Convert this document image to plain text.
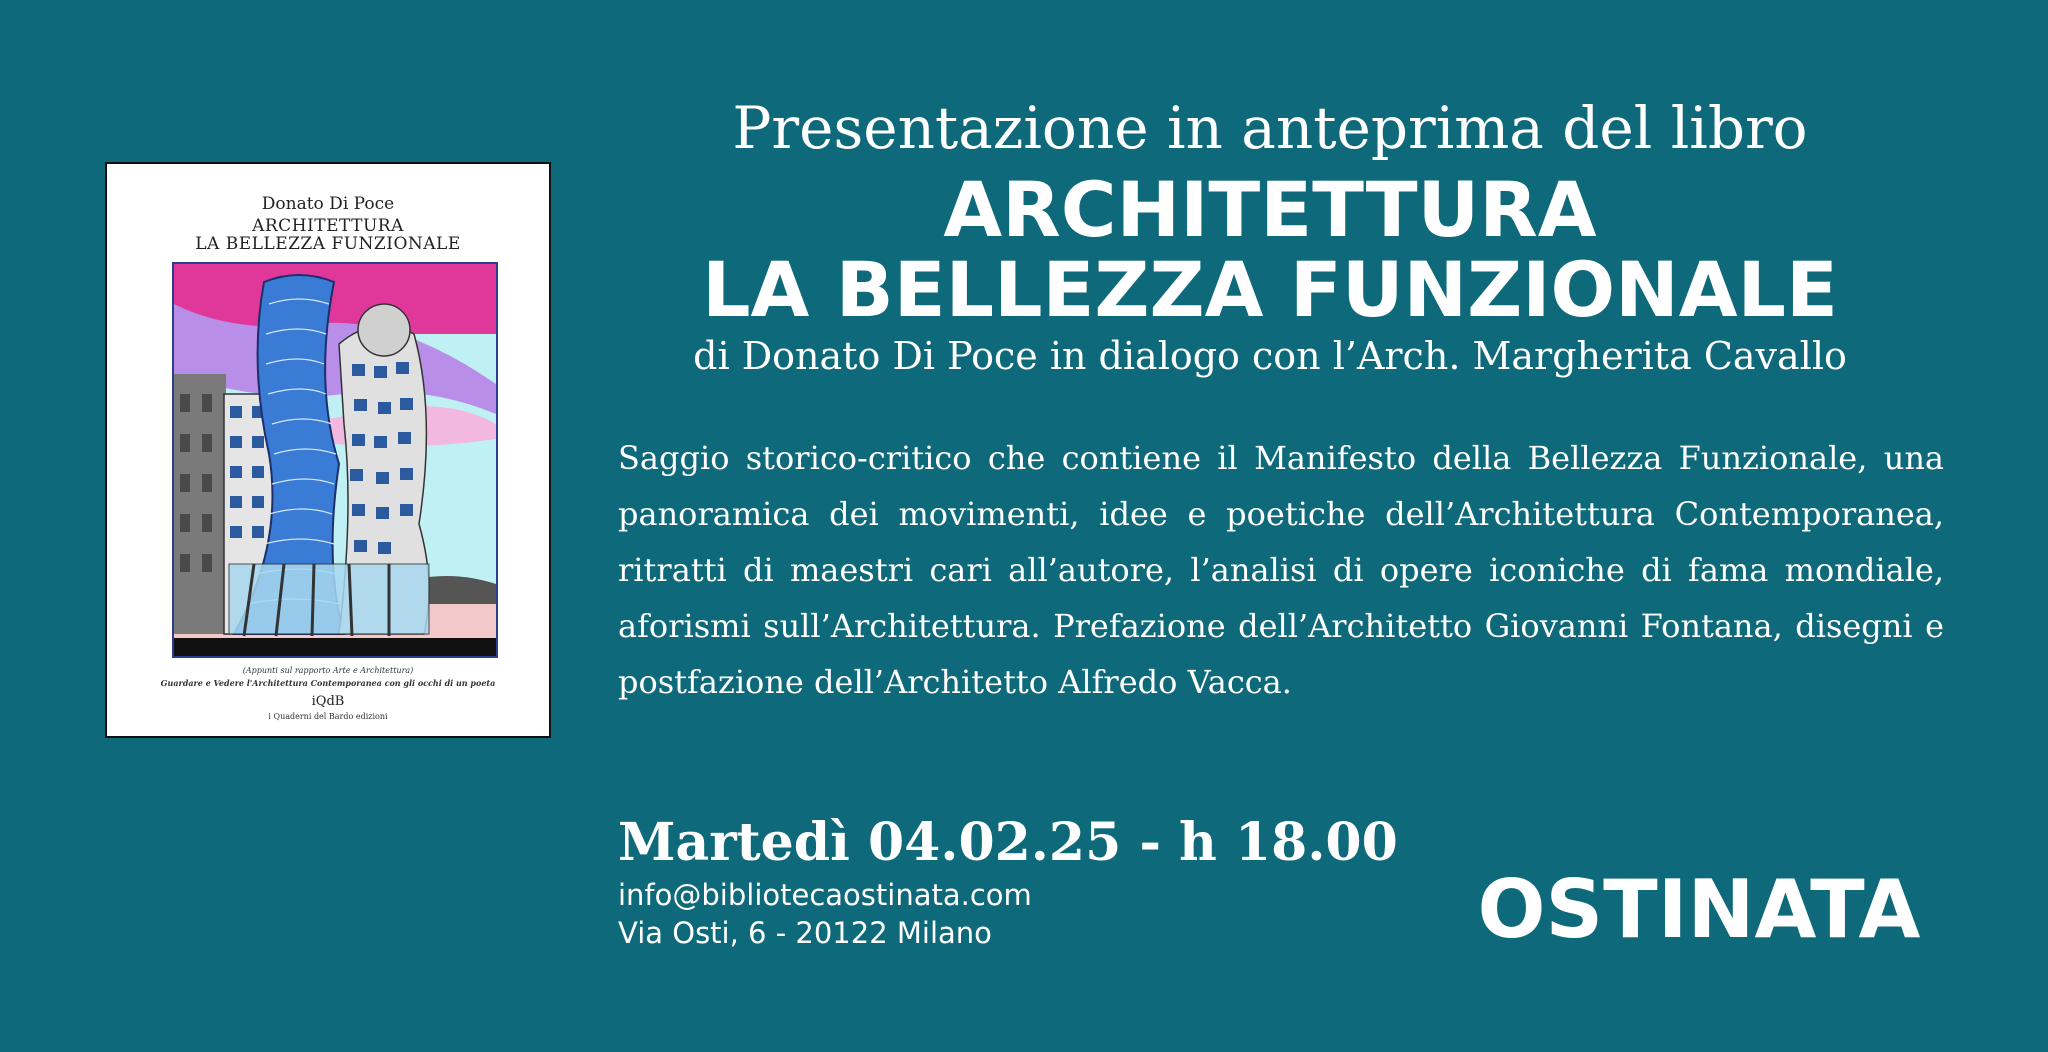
Donato Di Poce
ARCHITETTURA
LA BELLEZZA FUNZIONALE
(Appunti sul rapporto Arte e Architettura)
Guardare e Vedere l'Architettura Contemporanea con gli occhi di un poeta
iQdB
i Quaderni del Bardo edizioni
Presentazione in anteprima del libro
ARCHITETTURA
LA BELLEZZA FUNZIONALE
di Donato Di Poce in dialogo con l’Arch. Margherita Cavallo

Saggio storico-critico che contiene il Manifesto della Bellezza Funzionale, una panoramica dei movimenti, idee e poetiche dell’Architettura Contemporanea, ritratti di maestri cari all’autore, l’analisi di opere iconiche di fama mondiale, aforismi sull’Architettura. Prefazione dell’Architetto Giovanni Fontana, disegni e postfazione dell’Architetto Alfredo Vacca.

Martedì 04.02.25 - h 18.00
info@bibliotecaostinata.com
Via Osti, 6 - 20122 Milano	OSTINATA
